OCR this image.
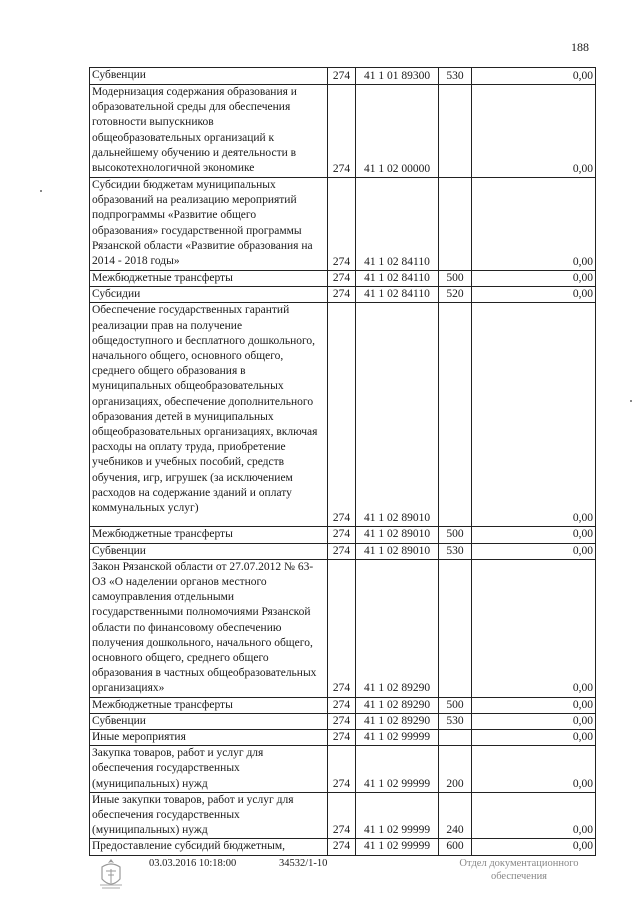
188
Субвенции	274	41 1 01 89300	530	0,00
Модернизация содержания образования и образовательной среды для обеспечения готовности выпускников общеобразовательных организаций к дальнейшему обучению и деятельности в высокотехнологичной экономике	274	41 1 02 00000		0,00
Субсидии бюджетам муниципальных образований на реализацию мероприятий подпрограммы «Развитие общего образования» государственной программы Рязанской области «Развитие образования на 2014 - 2018 годы»	274	41 1 02 84110		0,00
Межбюджетные трансферты	274	41 1 02 84110	500	0,00
Субсидии	274	41 1 02 84110	520	0,00
Обеспечение государственных гарантий реализации прав на получение общедоступного и бесплатного дошкольного, начального общего, основного общего, среднего общего образования в муниципальных общеобразовательных организациях, обеспечение дополнительного образования детей в муниципальных общеобразовательных организациях, включая расходы на оплату труда, приобретение учебников и учебных пособий, средств обучения, игр, игрушек (за исключением расходов на содержание зданий и оплату коммунальных услуг)	274	41 1 02 89010		0,00
Межбюджетные трансферты	274	41 1 02 89010	500	0,00
Субвенции	274	41 1 02 89010	530	0,00
Закон Рязанской области от 27.07.2012 № 63-ОЗ «О наделении органов местного самоуправления отдельными государственными полномочиями Рязанской области по финансовому обеспечению получения дошкольного, начального общего, основного общего, среднего общего образования в частных общеобразовательных организациях»	274	41 1 02 89290		0,00
Межбюджетные трансферты	274	41 1 02 89290	500	0,00
Субвенции	274	41 1 02 89290	530	0,00
Иные мероприятия	274	41 1 02 99999		0,00
Закупка товаров, работ и услуг для обеспечения государственных (муниципальных) нужд	274	41 1 02 99999	200	0,00
Иные закупки товаров, работ и услуг для обеспечения государственных (муниципальных) нужд	274	41 1 02 99999	240	0,00
Предоставление субсидий бюджетным,	274	41 1 02 99999	600	0,00
03.03.2016 10:18:00	34532/1-10	Отдел документационного обеспечения
